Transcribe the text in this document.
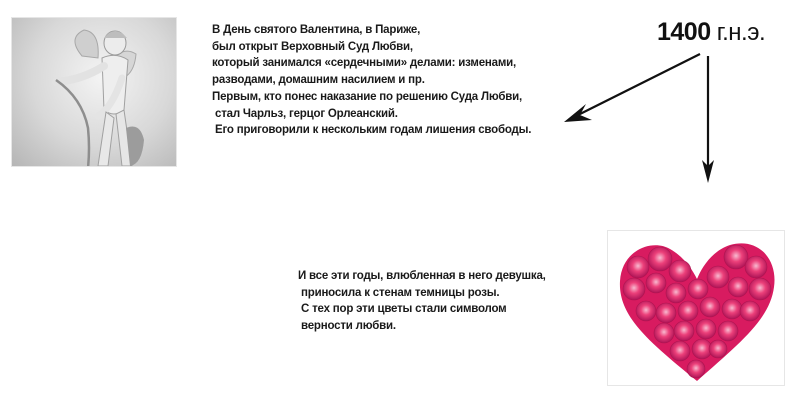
В День святого Валентина, в Париже,
был открыт Верховный Суд Любви,
который занимался «сердечными» делами: изменами,
разводами, домашним насилием и пр.
Первым, кто понес наказание по решению Суда Любви,
стал Чарльз, герцог Орлеанский.
Его приговорили к нескольким годам лишения свободы.
1400 г.н.э.
И все эти годы, влюбленная в него девушка,
приносила к стенам темницы розы.
С тех пор эти цветы стали символом
верности любви.
